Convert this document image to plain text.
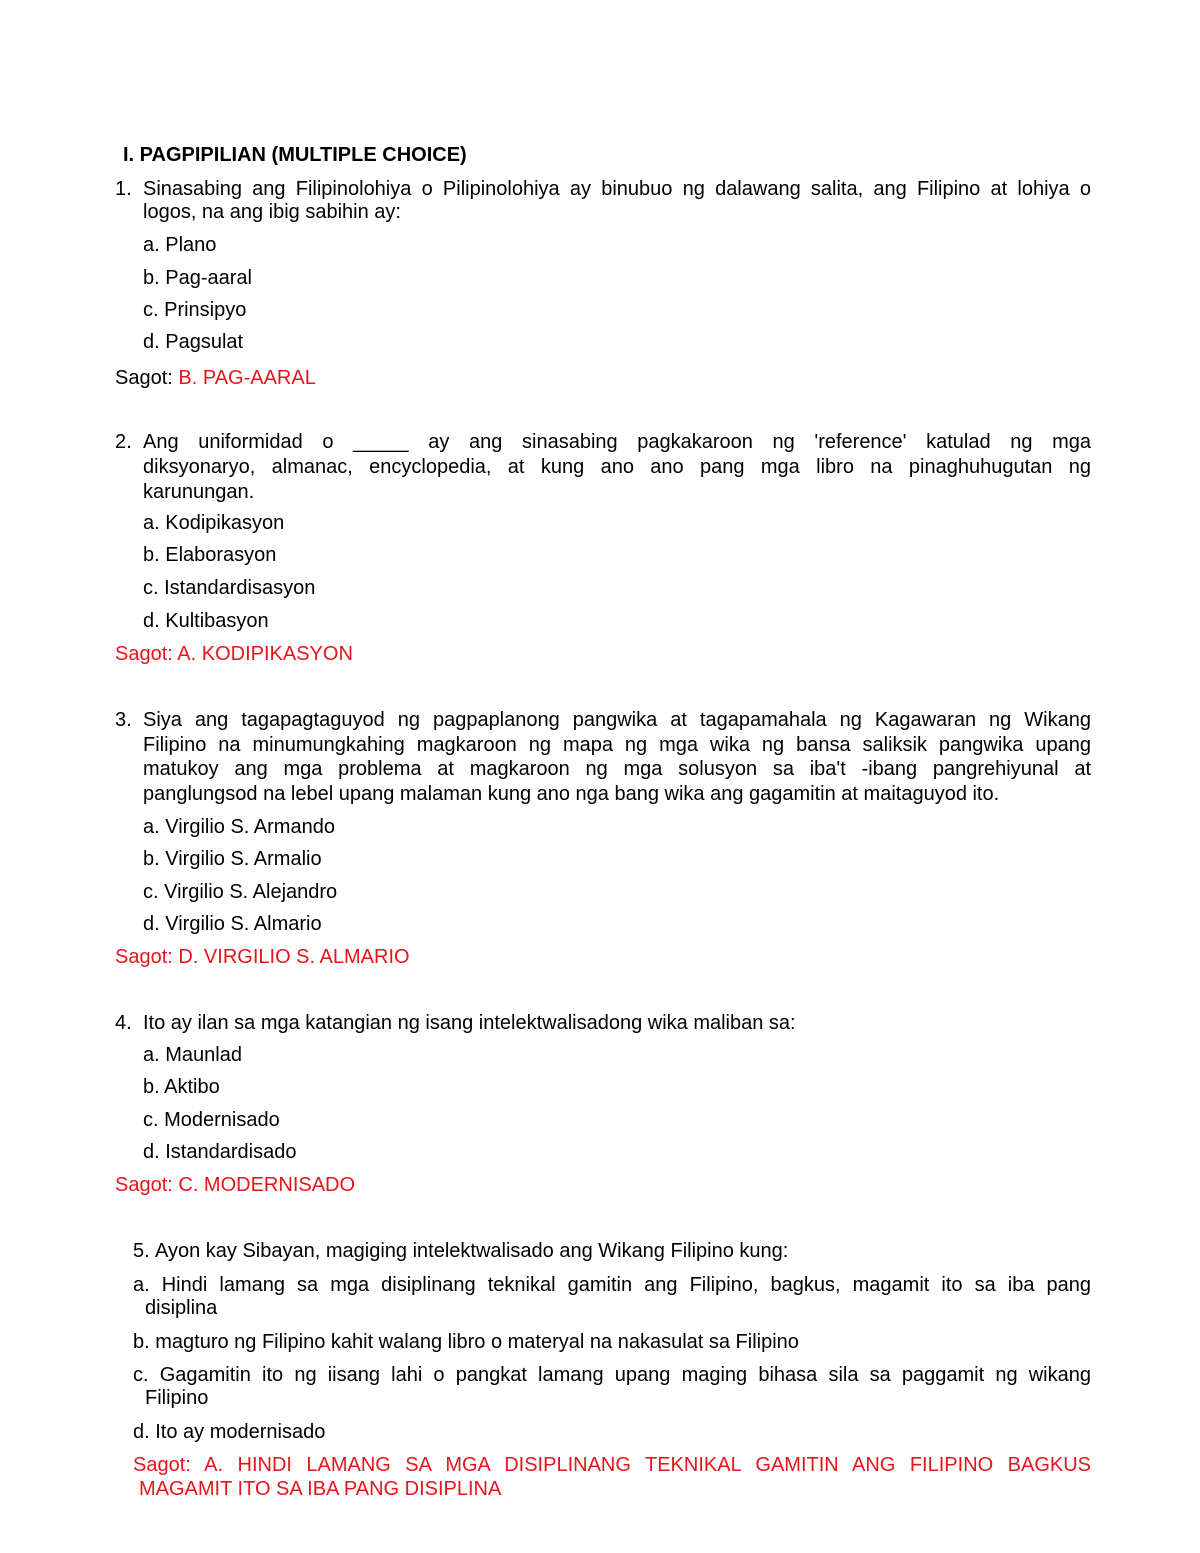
I. PAGPIPILIAN (MULTIPLE CHOICE)
1. Sinasabing ang Filipinolohiya o Pilipinolohiya ay binubuo ng dalawang salita, ang Filipino at lohiya o
logos, na ang ibig sabihin ay:
a. Plano
b. Pag-aaral
c. Prinsipyo
d. Pagsulat
Sagot: B. PAG-AARAL
2. Ang uniformidad o _____ ay ang sinasabing pagkakaroon ng 'reference' katulad ng mga
diksyonaryo, almanac, encyclopedia, at kung ano ano pang mga libro na pinaghuhugutan ng
karunungan.
a. Kodipikasyon
b. Elaborasyon
c. Istandardisasyon
d. Kultibasyon
Sagot: A. KODIPIKASYON
3. Siya ang tagapagtaguyod ng pagpaplanong pangwika at tagapamahala ng Kagawaran ng Wikang
Filipino na minumungkahing magkaroon ng mapa ng mga wika ng bansa saliksik pangwika upang
matukoy ang mga problema at magkaroon ng mga solusyon sa iba't -ibang pangrehiyunal at
panglungsod na lebel upang malaman kung ano nga bang wika ang gagamitin at maitaguyod ito.
a. Virgilio S. Armando
b. Virgilio S. Armalio
c. Virgilio S. Alejandro
d. Virgilio S. Almario
Sagot: D. VIRGILIO S. ALMARIO
4. Ito ay ilan sa mga katangian ng isang intelektwalisadong wika maliban sa:
a. Maunlad
b. Aktibo
c. Modernisado
d. Istandardisado
Sagot: C. MODERNISADO
5. Ayon kay Sibayan, magiging intelektwalisado ang Wikang Filipino kung:
a. Hindi lamang sa mga disiplinang teknikal gamitin ang Filipino, bagkus, magamit ito sa iba pang
disiplina
b. magturo ng Filipino kahit walang libro o materyal na nakasulat sa Filipino
c. Gagamitin ito ng iisang lahi o pangkat lamang upang maging bihasa sila sa paggamit ng wikang
Filipino
d. Ito ay modernisado
Sagot: A. HINDI LAMANG SA MGA DISIPLINANG TEKNIKAL GAMITIN ANG FILIPINO BAGKUS
MAGAMIT ITO SA IBA PANG DISIPLINA
